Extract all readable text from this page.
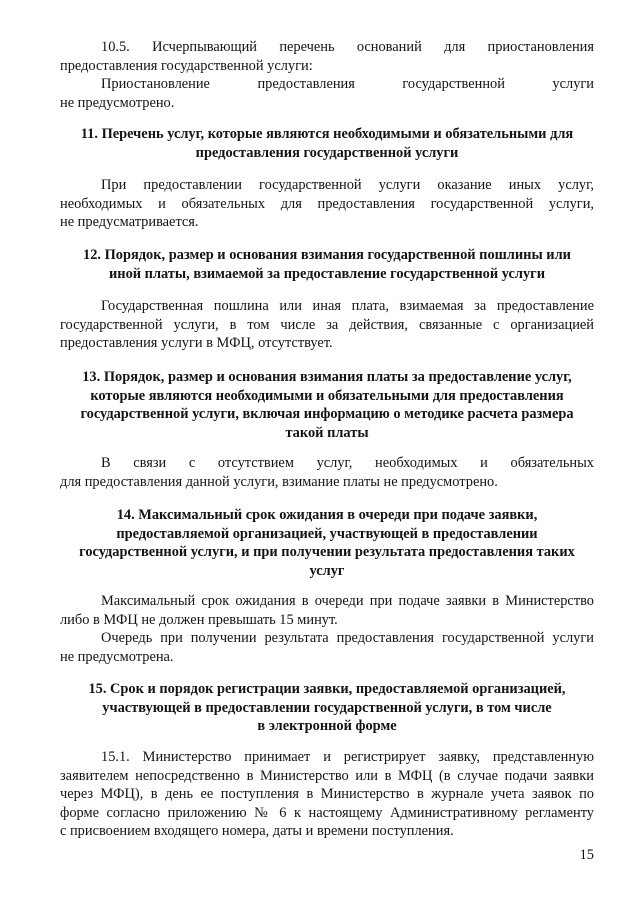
10.5. Исчерпывающий перечень оснований для приостановления

предоставления государственной услуги:

Приостановление предоставления государственной услуги

не предусмотрено.

11. Перечень услуг, которые являются необходимыми и обязательными для

предоставления государственной услуги

При предоставлении государственной услуги оказание иных услуг,

необходимых и обязательных для предоставления государственной услуги,

не предусматривается.

12. Порядок, размер и основания взимания государственной пошлины или

иной платы, взимаемой за предоставление государственной услуги

Государственная пошлина или иная плата, взимаемая за предоставление

государственной услуги, в том числе за действия, связанные с организацией

предоставления услуги в МФЦ, отсутствует.

13. Порядок, размер и основания взимания платы за предоставление услуг,

которые являются необходимыми и обязательными для предоставления

государственной услуги, включая информацию о методике расчета размера

такой платы

В связи с отсутствием услуг, необходимых и обязательных

для предоставления данной услуги, взимание платы не предусмотрено.

14. Максимальный срок ожидания в очереди при подаче заявки,

предоставляемой организацией, участвующей в предоставлении

государственной услуги, и при получении результата предоставления таких

услуг

Максимальный срок ожидания в очереди при подаче заявки в Министерство

либо в МФЦ не должен превышать 15 минут.

Очередь при получении результата предоставления государственной услуги

не предусмотрена.

15. Срок и порядок регистрации заявки, предоставляемой организацией,

участвующей в предоставлении государственной услуги, в том числе

в электронной форме

15.1. Министерство принимает и регистрирует заявку, представленную

заявителем непосредственно в Министерство или в МФЦ (в случае подачи заявки

через МФЦ), в день ее поступления в Министерство в журнале учета заявок по

форме согласно приложению № 6 к настоящему Административному регламенту

с присвоением входящего номера, даты и времени поступления.

15
